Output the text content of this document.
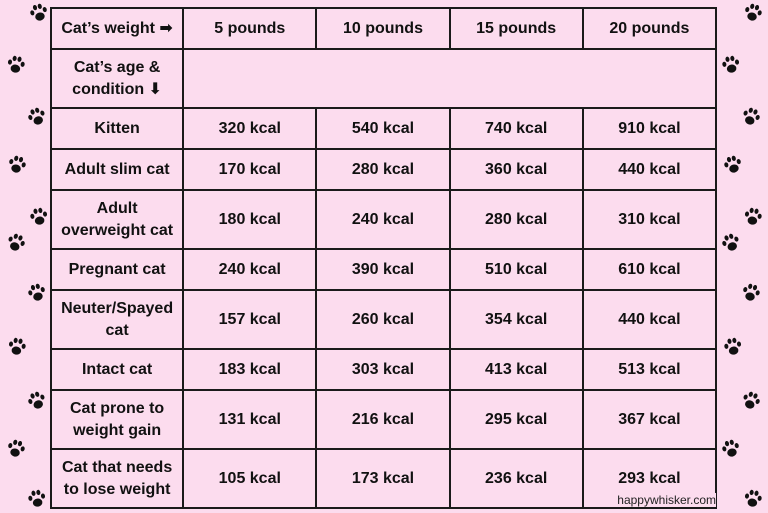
Cat’s weight ➡	5 pounds	10 pounds	15 pounds	20 pounds
Cat’s age & condition ⬇				
Kitten	320 kcal	540 kcal	740 kcal	910 kcal
Adult slim cat	170 kcal	280 kcal	360 kcal	440 kcal
Adult overweight cat	180 kcal	240 kcal	280 kcal	310 kcal
Pregnant cat	240 kcal	390 kcal	510 kcal	610 kcal
Neuter/Spayed cat	157 kcal	260 kcal	354 kcal	440 kcal
Intact cat	183 kcal	303 kcal	413 kcal	513 kcal
Cat prone to weight gain	131 kcal	216 kcal	295 kcal	367 kcal
Cat that needs to lose weight	105 kcal	173 kcal	236 kcal	293 kcal
happywhisker.com
